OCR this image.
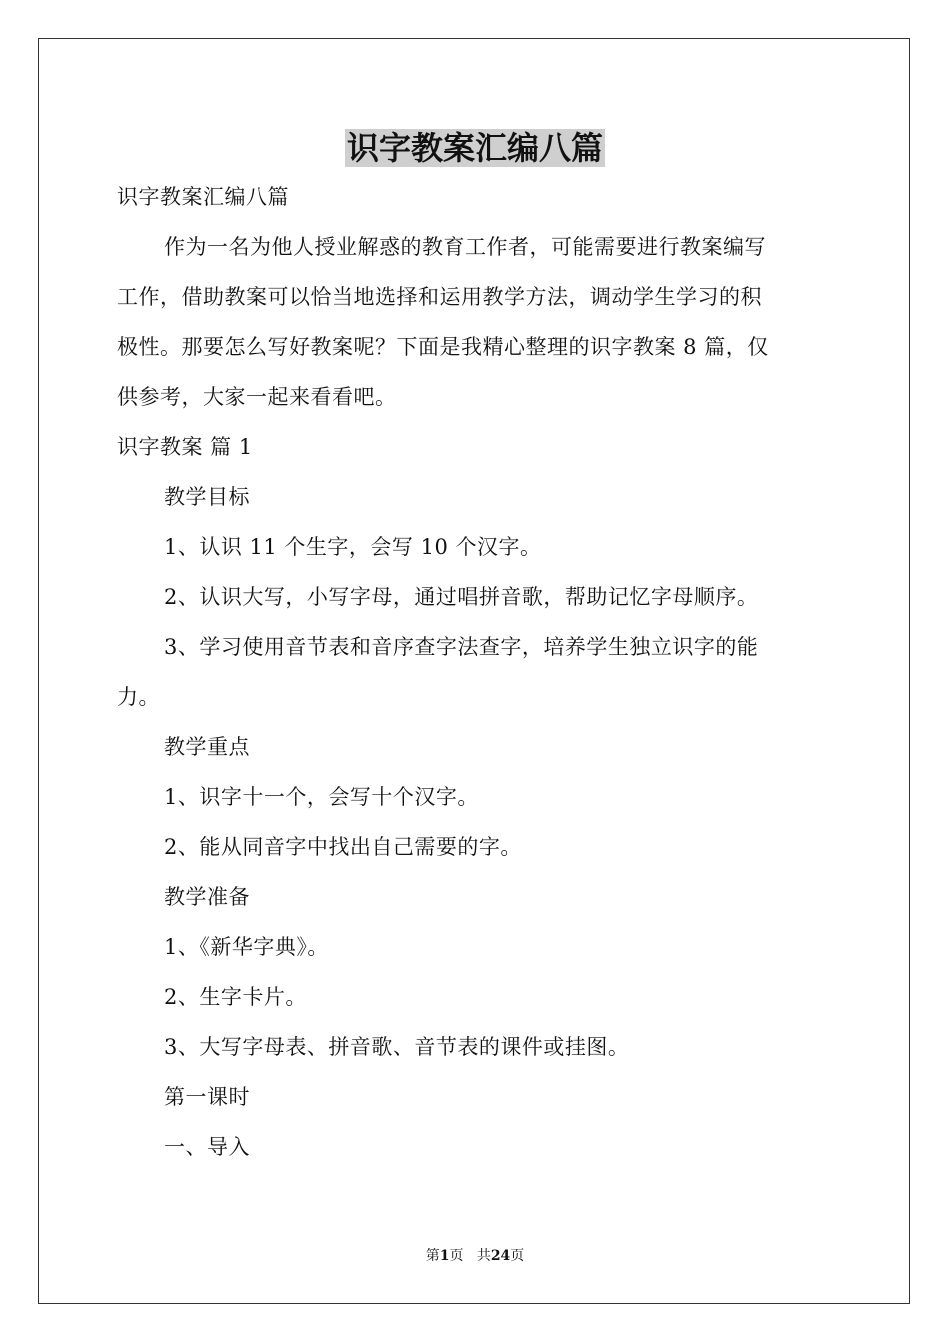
识字教案汇编八篇

识字教案汇编八篇

作为一名为他人授业解惑的教育工作者，可能需要进行教案编写

工作，借助教案可以恰当地选择和运用教学方法，调动学生学习的积

极性。那要怎么写好教案呢？下面是我精心整理的识字教案 8 篇，仅

供参考，大家一起来看看吧。

识字教案 篇 1

教学目标

1、认识 11 个生字，会写 10 个汉字。

2、认识大写，小写字母，通过唱拼音歌，帮助记忆字母顺序。

3、学习使用音节表和音序查字法查字，培养学生独立识字的能

力。

教学重点

1、识字十一个，会写十个汉字。

2、能从同音字中找出自己需要的字。

教学准备

1、《新华字典》。

2、生字卡片。

3、大写字母表、拼音歌、音节表的课件或挂图。

第一课时

一、导入

第1页 共24页
